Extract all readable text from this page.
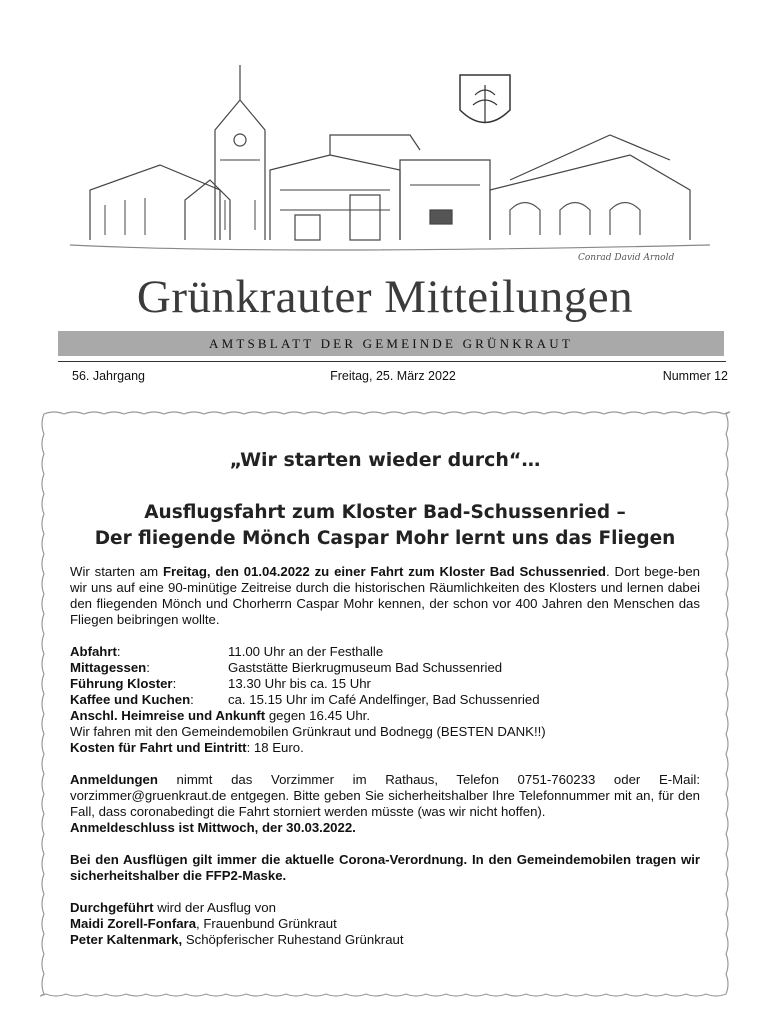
Conrad David Arnold
Grünkrauter Mitteilungen
AMTSBLATT DER GEMEINDE GRÜNKRAUT
56. Jahrgang	Freitag, 25. März 2022	Nummer 12
„Wir starten wieder durch“…
Ausflugsfahrt zum Kloster Bad-Schussenried –
Der fliegende Mönch Caspar Mohr lernt uns das Fliegen

Wir starten am Freitag, den 01.04.2022 zu einer Fahrt zum Kloster Bad Schussenried. Dort bege-ben wir uns auf eine 90-minütige Zeitreise durch die historischen Räumlichkeiten des Klosters und lernen dabei den fliegenden Mönch und Chorherrn Caspar Mohr kennen, der schon vor 400 Jahren den Menschen das Fliegen beibringen wollte.

Abfahrt:	11.00 Uhr an der Festhalle
Mittagessen:	Gaststätte Bierkrugmuseum Bad Schussenried
Führung Kloster:	13.30 Uhr bis ca. 15 Uhr
Kaffee und Kuchen:	ca. 15.15 Uhr im Café Andelfinger, Bad Schussenried
Anschl. Heimreise und Ankunft gegen 16.45 Uhr.
Wir fahren mit den Gemeindemobilen Grünkraut und Bodnegg (BESTEN DANK!!)
Kosten für Fahrt und Eintritt: 18 Euro.

Anmeldungen nimmt das Vorzimmer im Rathaus, Telefon 0751-760233 oder E-Mail: vorzimmer@gruenkraut.de entgegen. Bitte geben Sie sicherheitshalber Ihre Telefonnummer mit an, für den Fall, dass coronabedingt die Fahrt storniert werden müsste (was wir nicht hoffen).
Anmeldeschluss ist Mittwoch, der 30.03.2022.

Bei den Ausflügen gilt immer die aktuelle Corona-Verordnung. In den Gemeindemobilen tragen wir sicherheitshalber die FFP2-Maske.

Durchgeführt wird der Ausflug von
Maidi Zorell-Fonfara, Frauenbund Grünkraut
Peter Kaltenmark, Schöpferischer Ruhestand Grünkraut
